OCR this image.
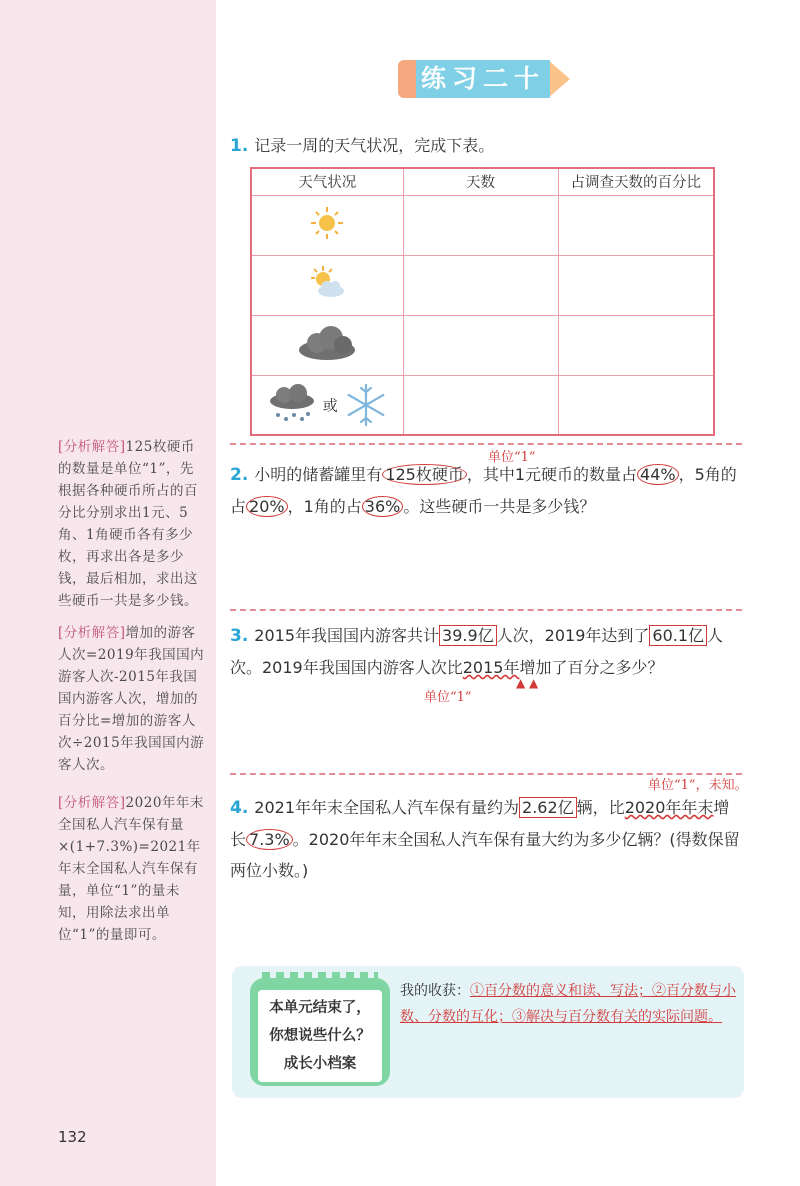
[分析解答]125枚硬币的数量是单位“1”，先根据各种硬币所占的百分比分别求出1元、5角、1角硬币各有多少枚，再求出各是多少钱，最后相加，求出这些硬币一共是多少钱。
[分析解答]增加的游客人次=2019年我国国内游客人次-2015年我国国内游客人次，增加的百分比=增加的游客人次÷2015年我国国内游客人次。
[分析解答]2020年年末全国私人汽车保有量×(1+7.3%)=2021年年末全国私人汽车保有量，单位“1”的量未知，用除法求出单位“1”的量即可。
练习二十
1. 记录一周的天气状况，完成下表。
天气状况	天数	占调查天数的百分比

或		
单位“1”
2. 小明的储蓄罐里有 125枚硬币 ，其中1元硬币的数量占 44% ，5角的占 20% ，1角的占 36% 。这些硬币一共是多少钱？
3. 2015年我国国内游客共计 39.9亿 人次，2019年达到了 60.1亿 人次。2019年我国国内游客人次比2015年增加了百分之多少？
单位“1”
▲ ▲
单位“1”，未知。
4. 2021年年末全国私人汽车保有量约为 2.62亿 辆，比2020年年末增长 7.3% 。2020年年末全国私人汽车保有量大约为多少亿辆？(得数保留两位小数。)
本单元结束了，
你想说些什么？
成长小档案
我的收获：①百分数的意义和读、写法；②百分数与小数、分数的互化；③解决与百分数有关的实际问题。
132
